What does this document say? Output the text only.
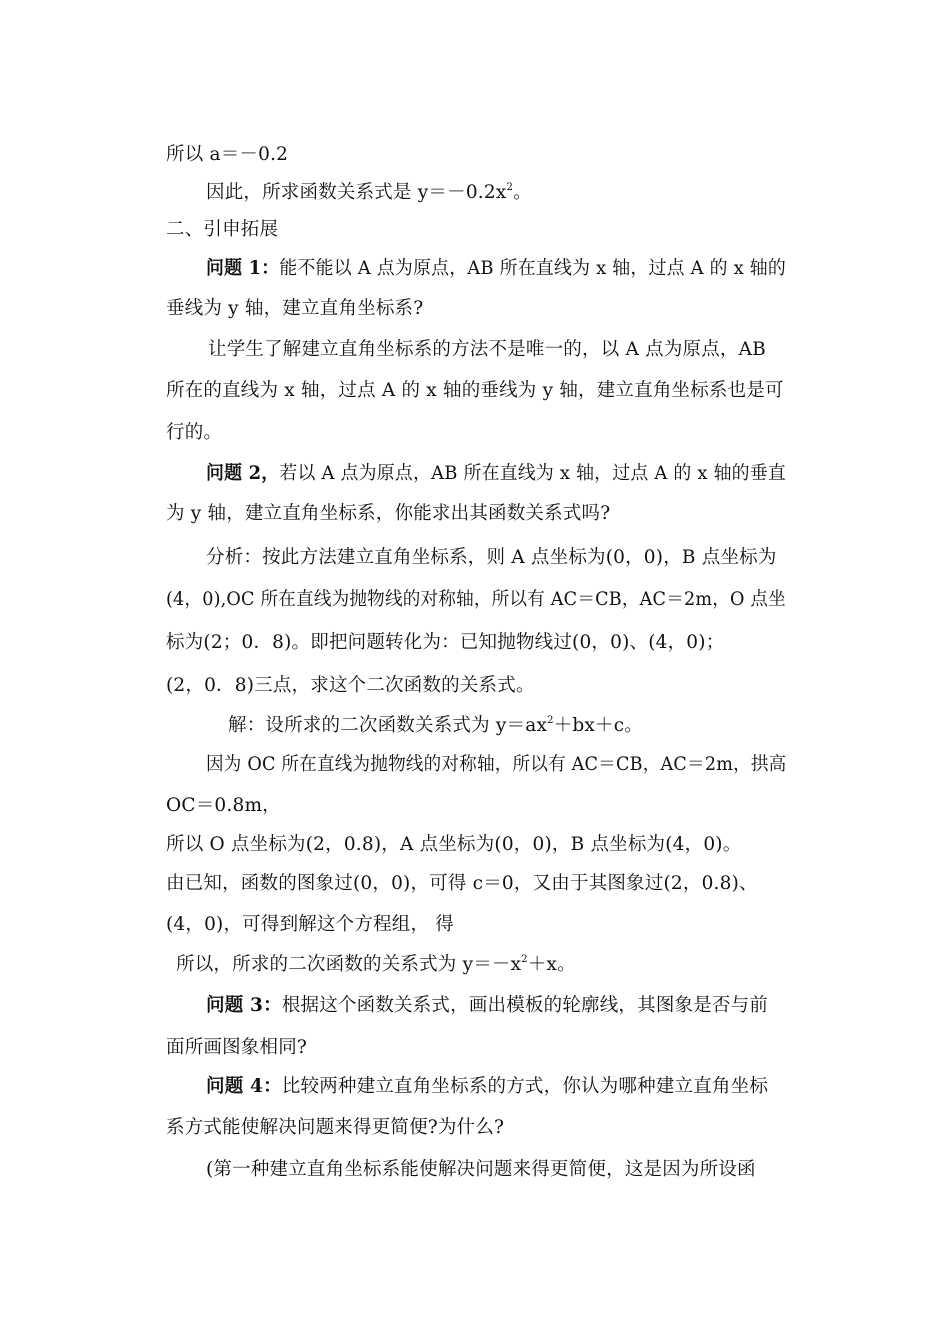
所以 a＝－0.2
因此，所求函数关系式是 $y=-0.2x^2$。
二、引申拓展
问题 1：能不能以 A 点为原点，AB 所在直线为 x 轴，过点 A 的 x 轴的
垂线为 y 轴，建立直角坐标系?
让学生了解建立直角坐标系的方法不是唯一的，以 A 点为原点，AB
所在的直线为 x 轴，过点 A 的 x 轴的垂线为 y 轴，建立直角坐标系也是可
行的。
问题 2，若以 A 点为原点，AB 所在直线为 x 轴，过点 A 的 x 轴的垂直
为 y 轴，建立直角坐标系，你能求出其函数关系式吗?
分析：按此方法建立直角坐标系，则 A 点坐标为(0，0)，B 点坐标为
(4，0),OC 所在直线为抛物线的对称轴，所以有 AC＝CB，AC＝2m，O 点坐
标为(2；0．8)。即把问题转化为：已知抛物线过(0，0)、(4，0)；
(2，0．8)三点，求这个二次函数的关系式。
解：设所求的二次函数关系式为 $y=ax^2+bx+c$。
因为 OC 所在直线为抛物线的对称轴，所以有 AC＝CB，AC＝2m，拱高
OC＝0.8m，
所以 O 点坐标为(2，0.8)，A 点坐标为(0，0)，B 点坐标为(4，0)。
由已知，函数的图象过(0，0)，可得 c＝0，又由于其图象过(2，0.8)、
(4，0)，可得到解这个方程组， 得
所以，所求的二次函数的关系式为 $y=-x^2+x$。
问题 3：根据这个函数关系式，画出模板的轮廓线，其图象是否与前
面所画图象相同?
问题 4：比较两种建立直角坐标系的方式，你认为哪种建立直角坐标
系方式能使解决问题来得更简便?为什么?
(第一种建立直角坐标系能使解决问题来得更简便，这是因为所设函
